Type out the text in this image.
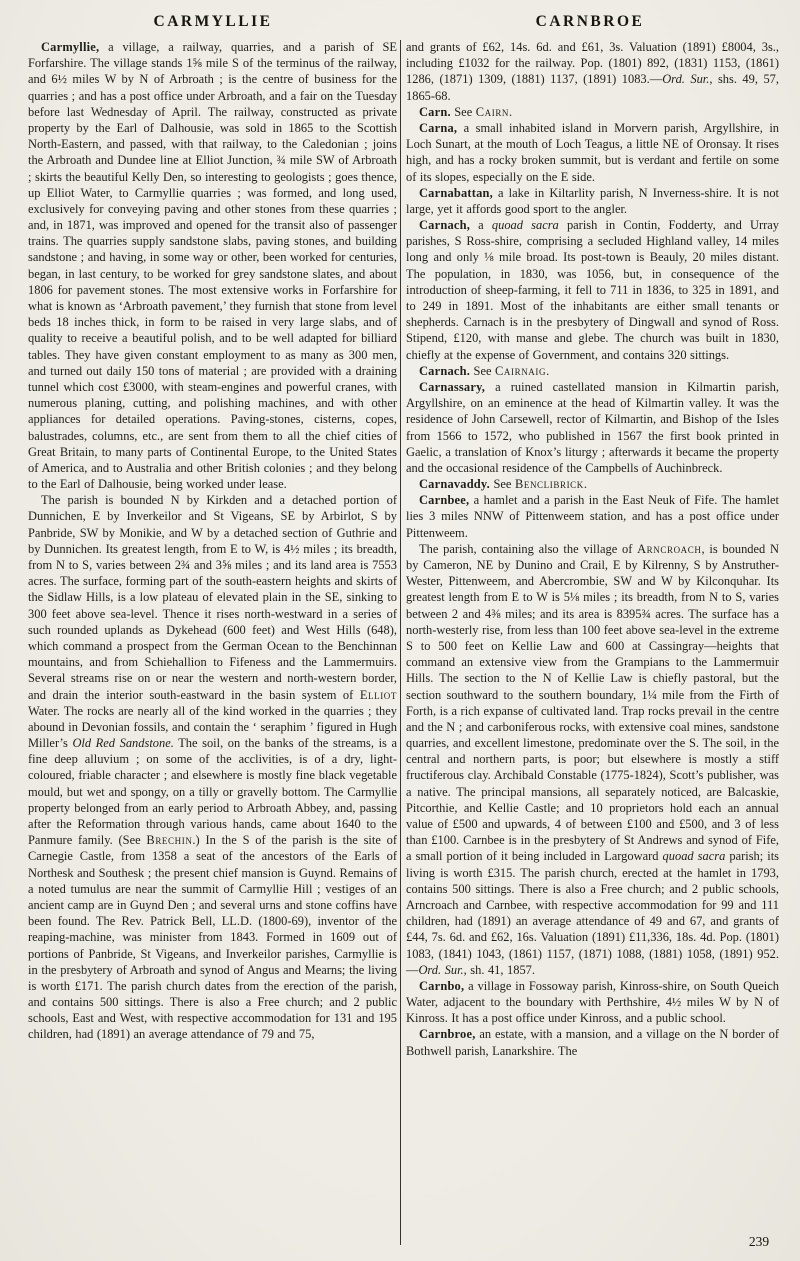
CARMYLLIE	CARNBROE

Carmyllie, a village, a railway, quarries, and a parish of SE Forfarshire. The village stands 1⅝ mile S of the terminus of the railway, and 6½ miles W by N of Arbroath ; is the centre of business for the quarries ; and has a post office under Arbroath, and a fair on the Tuesday before last Wednesday of April. The railway, constructed as private property by the Earl of Dalhousie, was sold in 1865 to the Scottish North-Eastern, and passed, with that railway, to the Caledonian ; joins the Arbroath and Dundee line at Elliot Junction, ¾ mile SW of Arbroath ; skirts the beautiful Kelly Den, so interesting to geologists ; goes thence, up Elliot Water, to Carmyllie quarries ; was formed, and long used, exclusively for conveying paving and other stones from these quarries ; and, in 1871, was improved and opened for the transit also of passenger trains. The quarries supply sandstone slabs, paving stones, and building sandstone ; and having, in some way or other, been worked for centuries, began, in last century, to be worked for grey sandstone slates, and about 1806 for pavement stones. The most extensive works in Forfarshire for what is known as ‘Arbroath pavement,’ they furnish that stone from level beds 18 inches thick, in form to be raised in very large slabs, and of quality to receive a beautiful polish, and to be well adapted for billiard tables. They have given constant employment to as many as 300 men, and turned out daily 150 tons of material ; are provided with a draining tunnel which cost £3000, with steam-engines and powerful cranes, with numerous planing, cutting, and polishing machines, and with other appliances for detailed operations. Paving-stones, cisterns, copes, balustrades, columns, etc., are sent from them to all the chief cities of Great Britain, to many parts of Continental Europe, to the United States of America, and to Australia and other British colonies ; and they belong to the Earl of Dalhousie, being worked under lease.

The parish is bounded N by Kirkden and a detached portion of Dunnichen, E by Inverkeilor and St Vigeans, SE by Arbirlot, S by Panbride, SW by Monikie, and W by a detached section of Guthrie and by Dunnichen. Its greatest length, from E to W, is 4½ miles ; its breadth, from N to S, varies between 2¾ and 3⅝ miles ; and its land area is 7553 acres. The surface, forming part of the south-eastern heights and skirts of the Sidlaw Hills, is a low plateau of elevated plain in the SE, sinking to 300 feet above sea-level. Thence it rises north-westward in a series of such rounded uplands as Dykehead (600 feet) and West Hills (648), which command a prospect from the German Ocean to the Benchinnan mountains, and from Schiehallion to Fifeness and the Lammermuirs. Several streams rise on or near the western and north-western border, and drain the interior south-eastward in the basin system of Elliot Water. The rocks are nearly all of the kind worked in the quarries ; they abound in Devonian fossils, and contain the ‘ seraphim ’ figured in Hugh Miller’s Old Red Sandstone. The soil, on the banks of the streams, is a fine deep alluvium ; on some of the acclivities, is of a dry, light-coloured, friable character ; and elsewhere is mostly fine black vegetable mould, but wet and spongy, on a tilly or gravelly bottom. The Carmyllie property belonged from an early period to Arbroath Abbey, and, passing after the Reformation through various hands, came about 1640 to the Panmure family. (See Brechin.) In the S of the parish is the site of Carnegie Castle, from 1358 a seat of the ancestors of the Earls of Northesk and Southesk ; the present chief mansion is Guynd. Remains of a noted tumulus are near the summit of Carmyllie Hill ; vestiges of an ancient camp are in Guynd Den ; and several urns and stone coffins have been found. The Rev. Patrick Bell, LL.D. (1800-69), inventor of the reaping-machine, was minister from 1843. Formed in 1609 out of portions of Panbride, St Vigeans, and Inverkeilor parishes, Carmyllie is in the presbytery of Arbroath and synod of Angus and Mearns; the living is worth £171. The parish church dates from the erection of the parish, and contains 500 sittings. There is also a Free church; and 2 public schools, East and West, with respective accommodation for 131 and 195 children, had (1891) an average attendance of 79 and 75,

and grants of £62, 14s. 6d. and £61, 3s. Valuation (1891) £8004, 3s., including £1032 for the railway. Pop. (1801) 892, (1831) 1153, (1861) 1286, (1871) 1309, (1881) 1137, (1891) 1083.—Ord. Sur., shs. 49, 57, 1865-68.

Carn. See Cairn.

Carna, a small inhabited island in Morvern parish, Argyllshire, in Loch Sunart, at the mouth of Loch Teagus, a little NE of Oronsay. It rises high, and has a rocky broken summit, but is verdant and fertile on some of its slopes, especially on the E side.

Carnabattan, a lake in Kiltarlity parish, N Inverness-shire. It is not large, yet it affords good sport to the angler.

Carnach, a quoad sacra parish in Contin, Fodderty, and Urray parishes, S Ross-shire, comprising a secluded Highland valley, 14 miles long and only ⅛ mile broad. Its post-town is Beauly, 20 miles distant. The population, in 1830, was 1056, but, in consequence of the introduction of sheep-farming, it fell to 711 in 1836, to 325 in 1891, and to 249 in 1891. Most of the inhabitants are either small tenants or shepherds. Carnach is in the presbytery of Dingwall and synod of Ross. Stipend, £120, with manse and glebe. The church was built in 1830, chiefly at the expense of Government, and contains 320 sittings.

Carnach. See Cairnaig.

Carnassary, a ruined castellated mansion in Kilmartin parish, Argyllshire, on an eminence at the head of Kilmartin valley. It was the residence of John Carsewell, rector of Kilmartin, and Bishop of the Isles from 1566 to 1572, who published in 1567 the first book printed in Gaelic, a translation of Knox’s liturgy ; afterwards it became the property and the occasional residence of the Campbells of Auchinbreck.

Carnavaddy. See Benclibrick.

Carnbee, a hamlet and a parish in the East Neuk of Fife. The hamlet lies 3 miles NNW of Pittenweem station, and has a post office under Pittenweem.

The parish, containing also the village of Arncroach, is bounded N by Cameron, NE by Dunino and Crail, E by Kilrenny, S by Anstruther-Wester, Pittenweem, and Abercrombie, SW and W by Kilconquhar. Its greatest length from E to W is 5⅛ miles ; its breadth, from N to S, varies between 2 and 4⅜ miles; and its area is 8395¾ acres. The surface has a north-westerly rise, from less than 100 feet above sea-level in the extreme S to 500 feet on Kellie Law and 600 at Cassingray—heights that command an extensive view from the Grampians to the Lammermuir Hills. The section to the N of Kellie Law is chiefly pastoral, but the section southward to the southern boundary, 1¼ mile from the Firth of Forth, is a rich expanse of cultivated land. Trap rocks prevail in the centre and the N ; and carboniferous rocks, with extensive coal mines, sandstone quarries, and excellent limestone, predominate over the S. The soil, in the central and northern parts, is poor; but elsewhere is mostly a stiff fructiferous clay. Archibald Constable (1775-1824), Scott’s publisher, was a native. The principal mansions, all separately noticed, are Balcaskie, Pitcorthie, and Kellie Castle; and 10 proprietors hold each an annual value of £500 and upwards, 4 of between £100 and £500, and 3 of less than £100. Carnbee is in the presbytery of St Andrews and synod of Fife, a small portion of it being included in Largoward quoad sacra parish; its living is worth £315. The parish church, erected at the hamlet in 1793, contains 500 sittings. There is also a Free church; and 2 public schools, Arncroach and Carnbee, with respective accommodation for 99 and 111 children, had (1891) an average attendance of 49 and 67, and grants of £44, 7s. 6d. and £62, 16s. Valuation (1891) £11,336, 18s. 4d. Pop. (1801) 1083, (1841) 1043, (1861) 1157, (1871) 1088, (1881) 1058, (1891) 952.—Ord. Sur., sh. 41, 1857.

Carnbo, a village in Fossoway parish, Kinross-shire, on South Queich Water, adjacent to the boundary with Perthshire, 4½ miles W by N of Kinross. It has a post office under Kinross, and a public school.

Carnbroe, an estate, with a mansion, and a village on the N border of Bothwell parish, Lanarkshire. The

239
